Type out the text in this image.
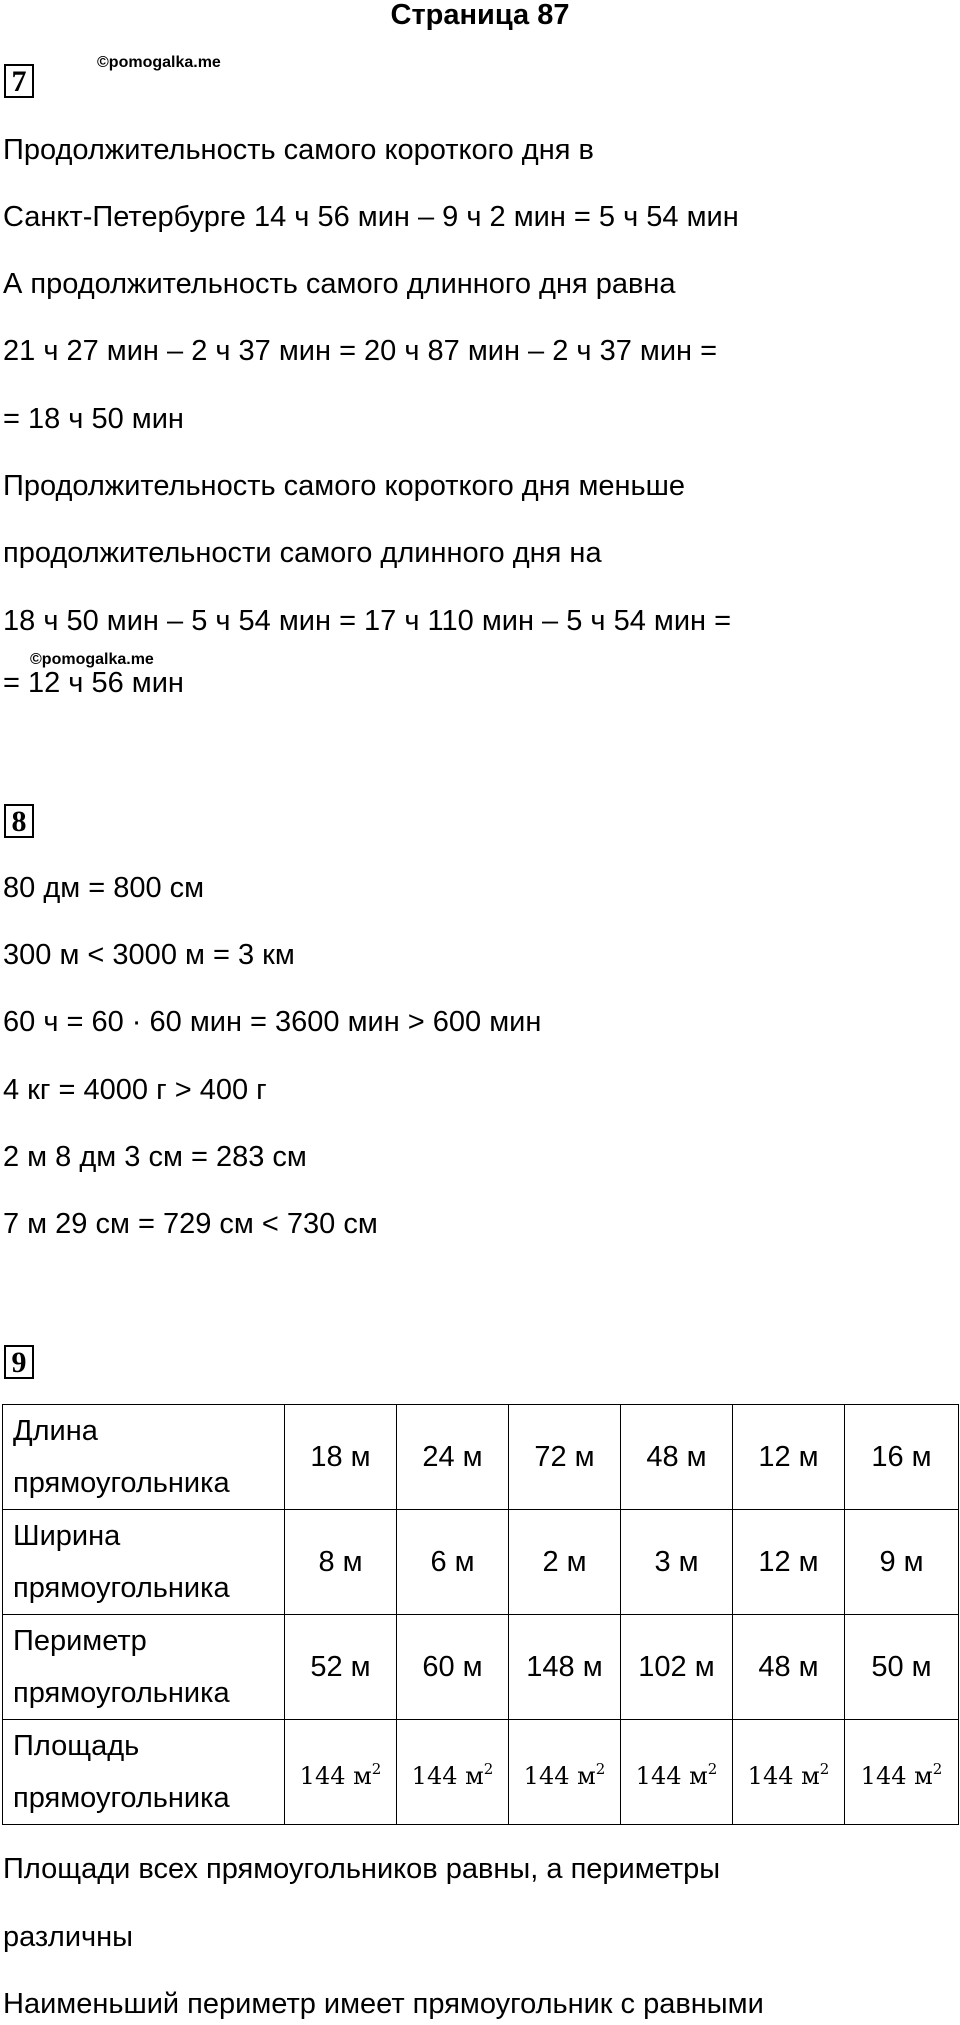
Страница 87
7
©pomogalka.me
Продолжительность самого короткого дня в
Санкт-Петербурге 14 ч 56 мин – 9 ч 2 мин = 5 ч 54 мин
А продолжительность самого длинного дня равна
21 ч 27 мин – 2 ч 37 мин = 20 ч 87 мин – 2 ч 37 мин =
= 18 ч 50 мин
Продолжительность самого короткого дня меньше
продолжительности самого длинного дня на
18 ч 50 мин – 5 ч 54 мин = 17 ч 110 мин – 5 ч 54 мин =
= 12 ч 56 мин
©pomogalka.me
8
80 дм = 800 см
300 м < 3000 м = 3 км
60 ч = 60 · 60 мин = 3600 мин > 600 мин
4 кг = 4000 г > 400 г
2 м 8 дм 3 см = 283 см
7 м 29 см = 729 см < 730 см
9
Длина
прямоугольника	18 м	24 м	72 м	48 м	12 м	16 м

Ширина
прямоугольника	8 м	6 м	2 м	3 м	12 м	9 м

Периметр
прямоугольника	52 м	60 м	148 м	102 м	48 м	50 м

Площадь
прямоугольника	144 $м^2$	144 $м^2$	144 $м^2$	144 $м^2$	144 $м^2$	144 $м^2$
Площади всех прямоугольников равны, а периметры
различны
Наименьший периметр имеет прямоугольник с равными
